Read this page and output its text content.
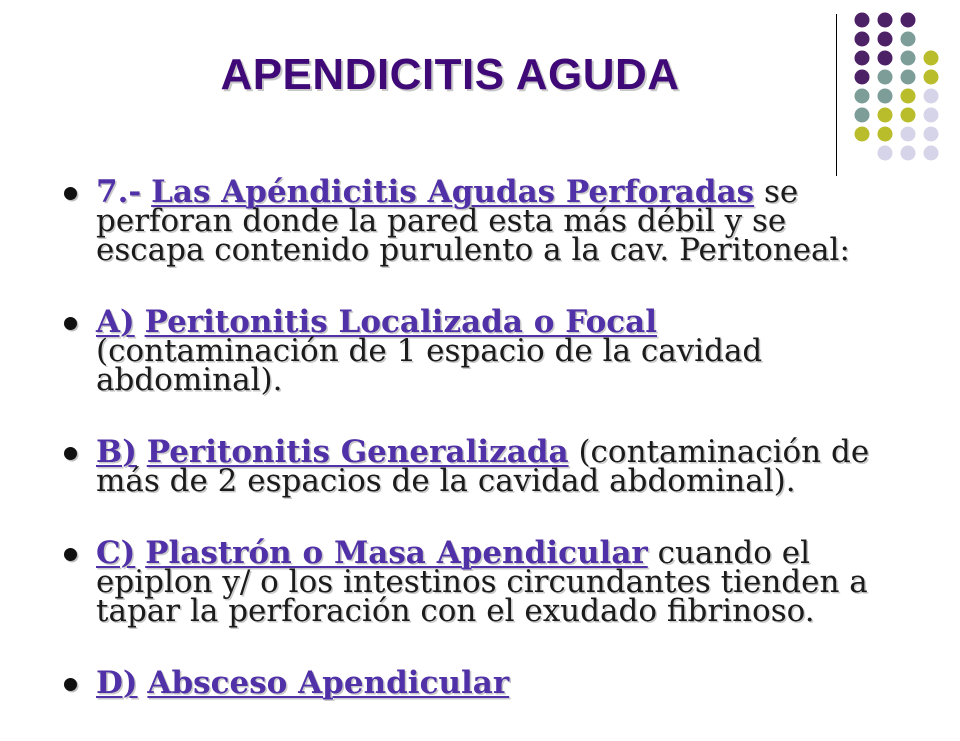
APENDICITIS AGUDA
7.- Las Apéndicitis Agudas Perforadas se perforan donde la pared esta más débil y se escapa contenido purulento a la cav. Peritoneal:
A) Peritonitis Localizada o Focal (contaminación de 1 espacio de la cavidad abdominal).
B) Peritonitis Generalizada (contaminación de más de 2 espacios de la cavidad abdominal).
C) Plastrón o Masa Apendicular cuando el epiplon y/ o los intestinos circundantes tienden a tapar la perforación con el exudado fibrinoso.
D) Absceso Apendicular
